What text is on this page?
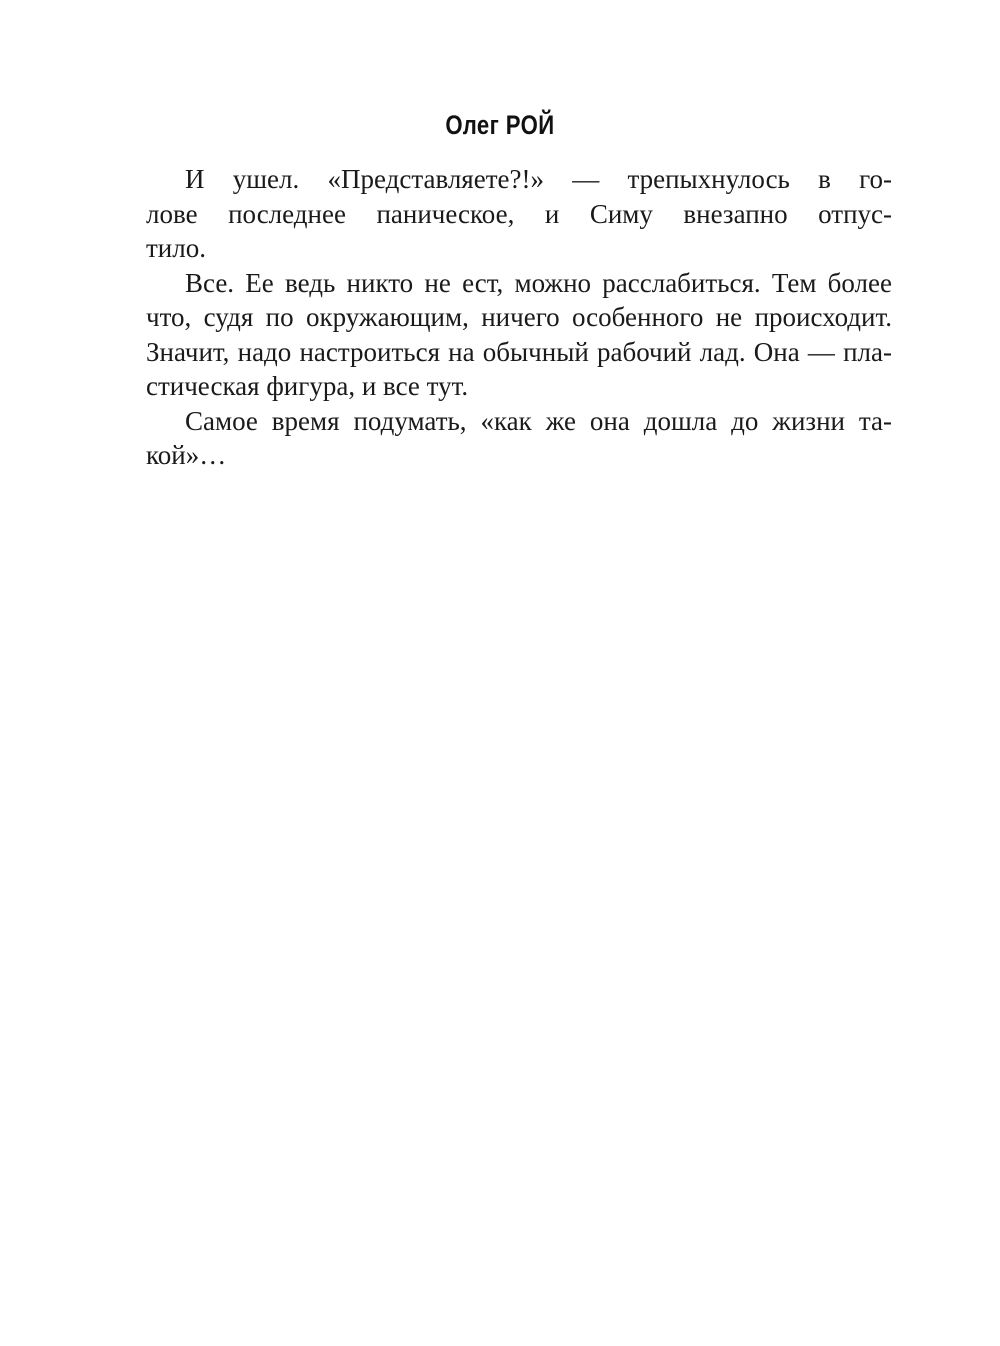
Олег РОЙ
И ушел. «Представляете?!» — трепыхнулось в го-
лове последнее паническое, и Симу внезапно отпус-
тило.
Все. Ее ведь никто не ест, можно расслабиться. Тем более
что, судя по окружающим, ничего особенного не происходит.
Значит, надо настроиться на обычный рабочий лад. Она — пла-
стическая фигура, и все тут.
Самое время подумать, «как же она дошла до жизни та-
кой»…
